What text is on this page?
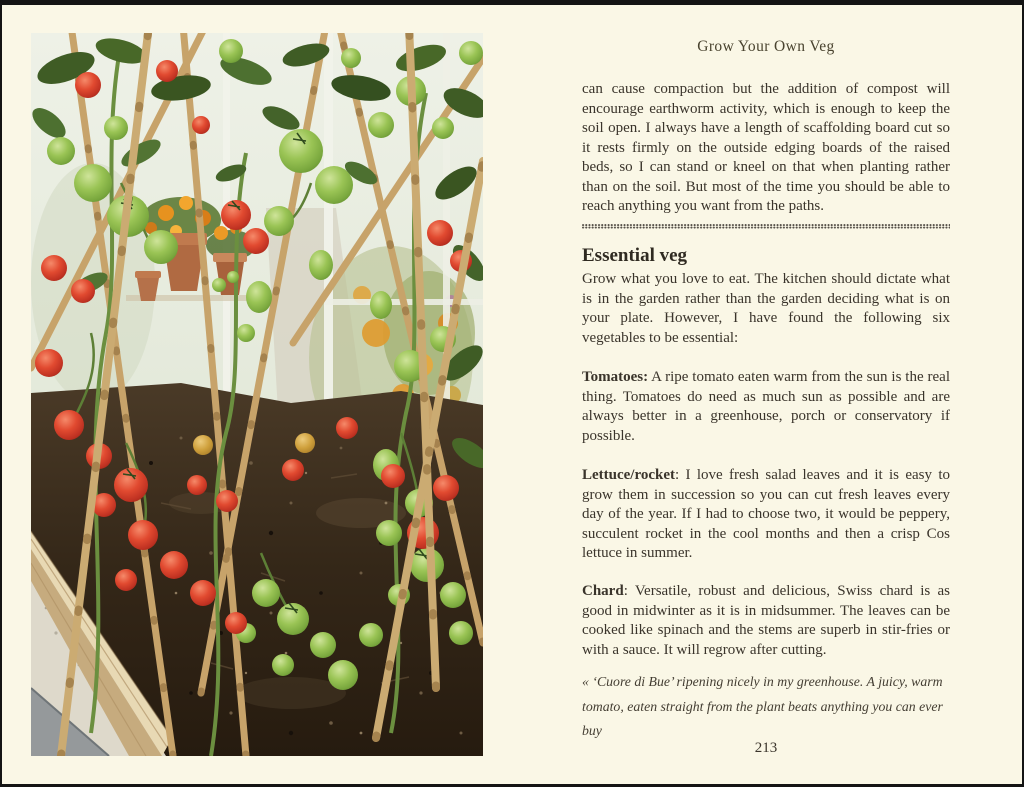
Grow Your Own Veg

can cause compaction but the addition of compost will encourage earthworm activity, which is enough to keep the soil open. I always have a length of scaffolding board cut so it rests firmly on the outside edging boards of the raised beds, so I can stand or kneel on that when planting rather than on the soil. But most of the time you should be able to reach anything you want from the paths.

Essential veg

Grow what you love to eat. The kitchen should dictate what is in the garden rather than the garden deciding what is on your plate. However, I have found the following six vegetables to be essential:

Tomatoes: A ripe tomato eaten warm from the sun is the real thing. Tomatoes do need as much sun as possible and are always better in a greenhouse, porch or conservatory if possible.

Lettuce/rocket: I love fresh salad leaves and it is easy to grow them in succession so you can cut fresh leaves every day of the year. If I had to choose two, it would be peppery, succulent rocket in the cool months and then a crisp Cos lettuce in summer.

Chard: Versatile, robust and delicious, Swiss chard is as good in midwinter as it is in midsummer. The leaves can be cooked like spinach and the stems are superb in stir-fries or with a sauce. It will regrow after cutting.

« ‘Cuore di Bue’ ripening nicely in my greenhouse. A juicy, warm tomato, eaten straight from the plant beats anything you can ever buy

213
